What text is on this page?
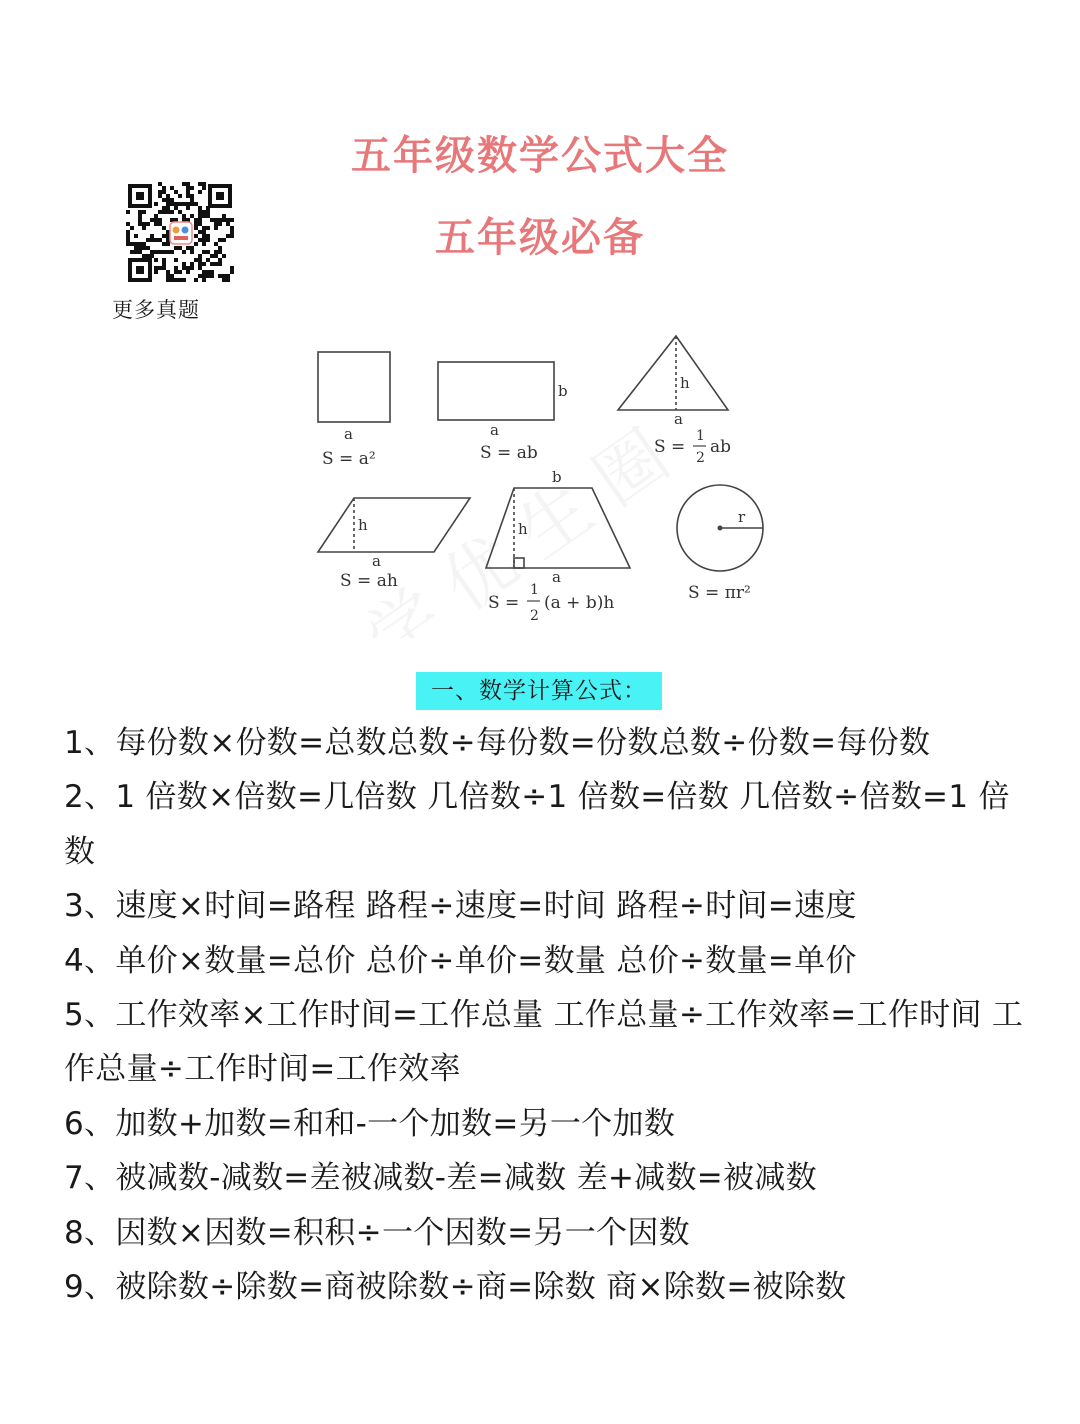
五年级数学公式大全
五年级必备
更多真题
a
S = a²
a
b
S = ab
h
a
S =
1
2
ab
h
a
S = ah
b
h
a
S =
1
2
(a + b)h
r
S = πr²
一、数学计算公式：

1、每份数×份数=总数总数÷每份数=份数总数÷份数=每份数

2、1 倍数×倍数=几倍数 几倍数÷1 倍数=倍数 几倍数÷倍数=1 倍数

3、速度×时间=路程 路程÷速度=时间 路程÷时间=速度

4、单价×数量=总价 总价÷单价=数量 总价÷数量=单价

5、工作效率×工作时间=工作总量 工作总量÷工作效率=工作时间 工作总量÷工作时间=工作效率

6、加数+加数=和和-一个加数=另一个加数

7、被减数-减数=差被减数-差=减数 差+减数=被减数

8、因数×因数=积积÷一个因数=另一个因数

9、被除数÷除数=商被除数÷商=除数 商×除数=被除数
